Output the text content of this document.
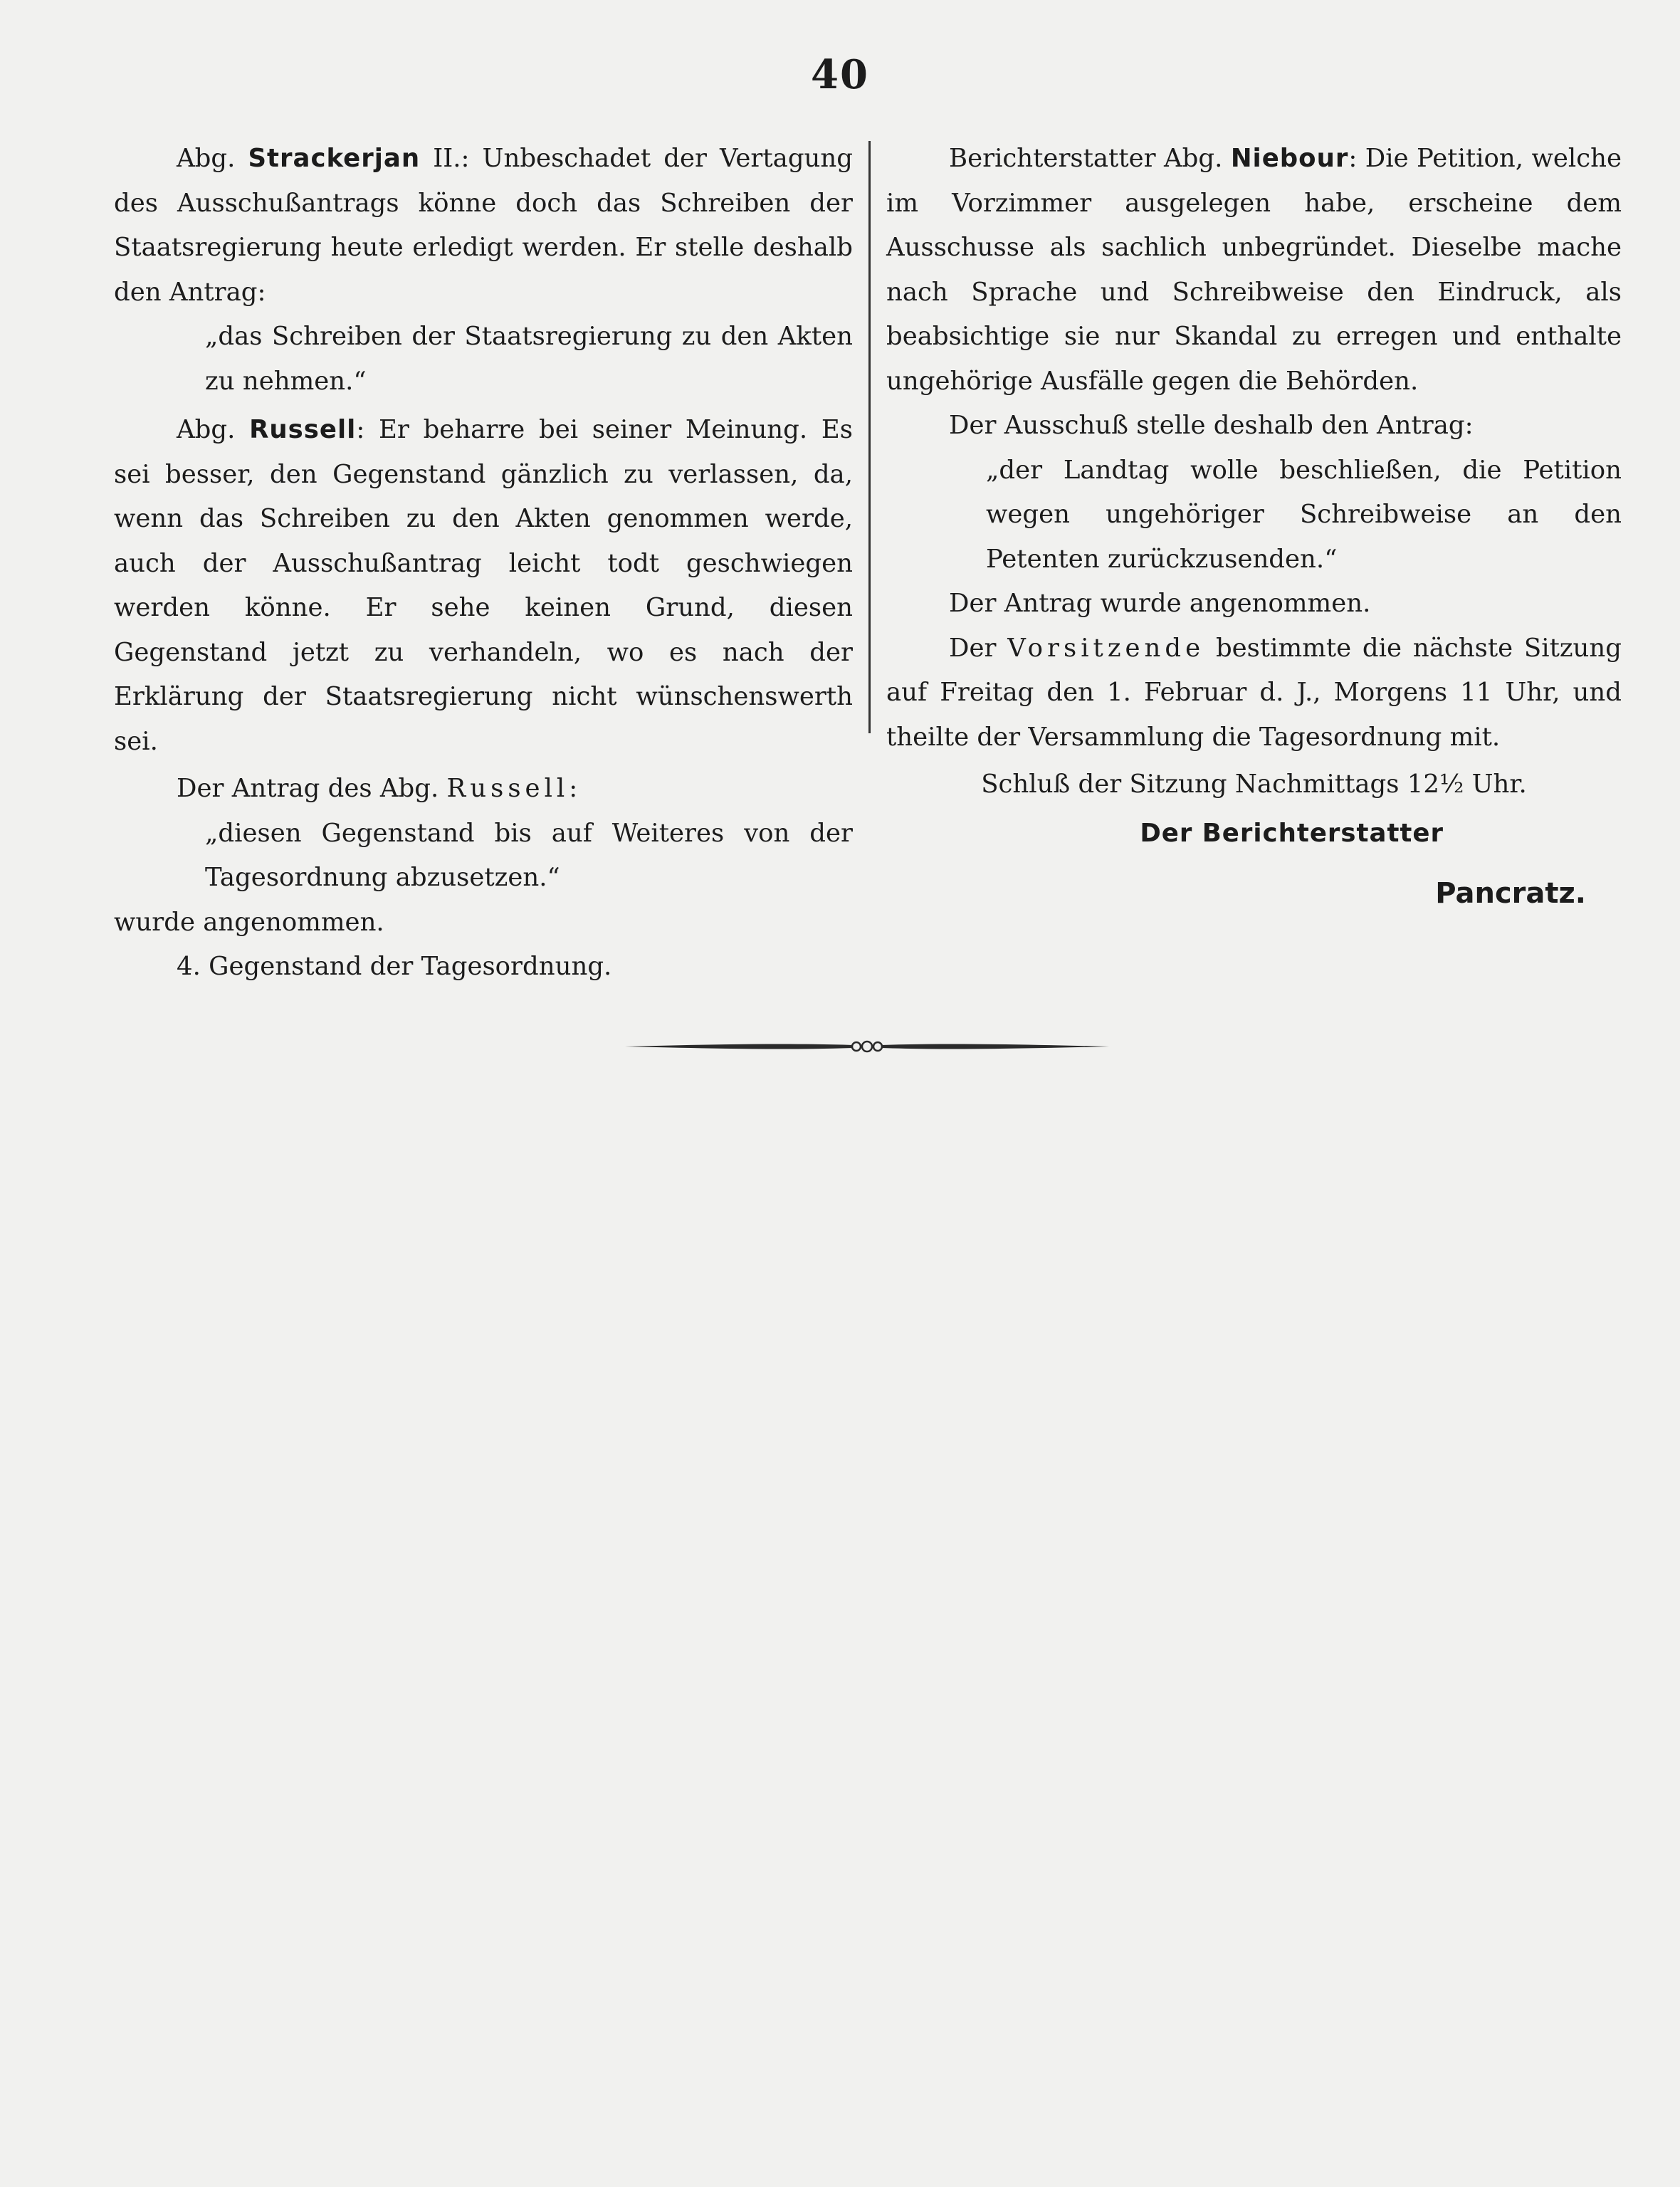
40

Abg. Strackerjan II.: Unbeschadet der Vertagung des Ausschußantrags könne doch das Schreiben der Staatsregierung heute erledigt werden. Er stelle deshalb den Antrag:

„das Schreiben der Staatsregierung zu den Akten zu nehmen.“

Abg. Russell: Er beharre bei seiner Meinung. Es sei besser, den Gegenstand gänzlich zu verlassen, da, wenn das Schreiben zu den Akten genommen werde, auch der Ausschußantrag leicht todt geschwiegen werden könne. Er sehe keinen Grund, diesen Gegenstand jetzt zu verhandeln, wo es nach der Erklärung der Staatsregierung nicht wünschenswerth sei.

Der Antrag des Abg. Russell:

„diesen Gegenstand bis auf Weiteres von der Tagesordnung abzusetzen.“

wurde angenommen.

4. Gegenstand der Tagesordnung.

Berichterstatter Abg. Niebour: Die Petition, welche im Vorzimmer ausgelegen habe, erscheine dem Ausschusse als sachlich unbegründet. Dieselbe mache nach Sprache und Schreibweise den Eindruck, als beabsichtige sie nur Skandal zu erregen und enthalte ungehörige Ausfälle gegen die Behörden.

Der Ausschuß stelle deshalb den Antrag:

„der Landtag wolle beschließen, die Petition wegen ungehöriger Schreibweise an den Petenten zurückzusenden.“

Der Antrag wurde angenommen.

Der Vorsitzende bestimmte die nächste Sitzung auf Freitag den 1. Februar d. J., Morgens 11 Uhr, und theilte der Versammlung die Tagesordnung mit.

Schluß der Sitzung Nachmittags 12½ Uhr.

Der Berichterstatter

Pancratz.
